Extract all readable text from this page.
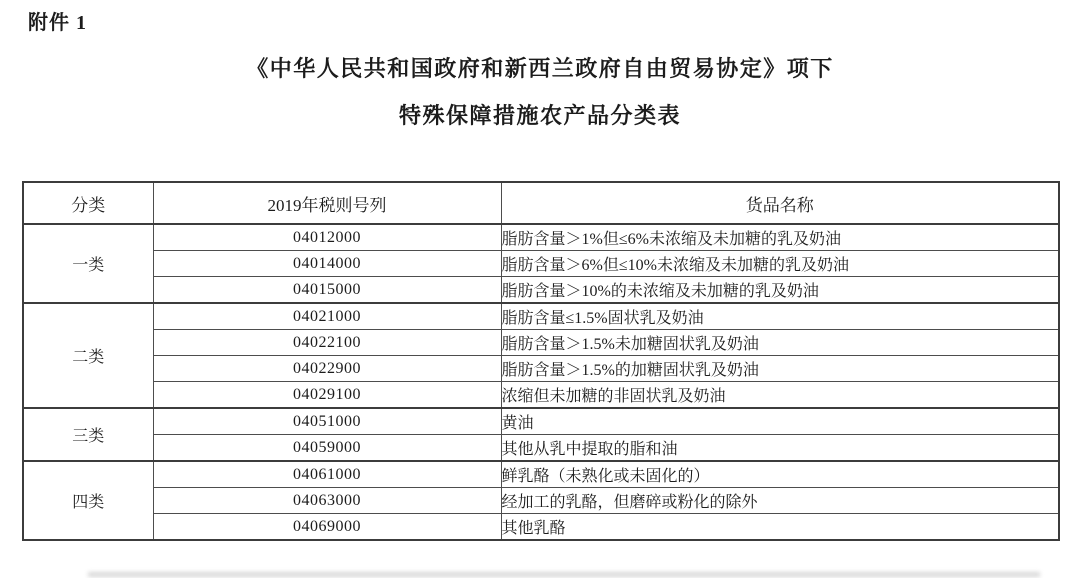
附件 1
《中华人民共和国政府和新西兰政府自由贸易协定》项下
特殊保障措施农产品分类表
分类	2019年税则号列	货品名称
一类	04012000	脂肪含量＞1%但≤6%未浓缩及未加糖的乳及奶油
	04014000	脂肪含量＞6%但≤10%未浓缩及未加糖的乳及奶油
	04015000	脂肪含量＞10%的未浓缩及未加糖的乳及奶油
二类	04021000	脂肪含量≤1.5%固状乳及奶油
	04022100	脂肪含量＞1.5%未加糖固状乳及奶油
	04022900	脂肪含量＞1.5%的加糖固状乳及奶油
	04029100	浓缩但未加糖的非固状乳及奶油
三类	04051000	黄油
	04059000	其他从乳中提取的脂和油
四类	04061000	鲜乳酪（未熟化或未固化的）
	04063000	经加工的乳酪，但磨碎或粉化的除外
	04069000	其他乳酪
